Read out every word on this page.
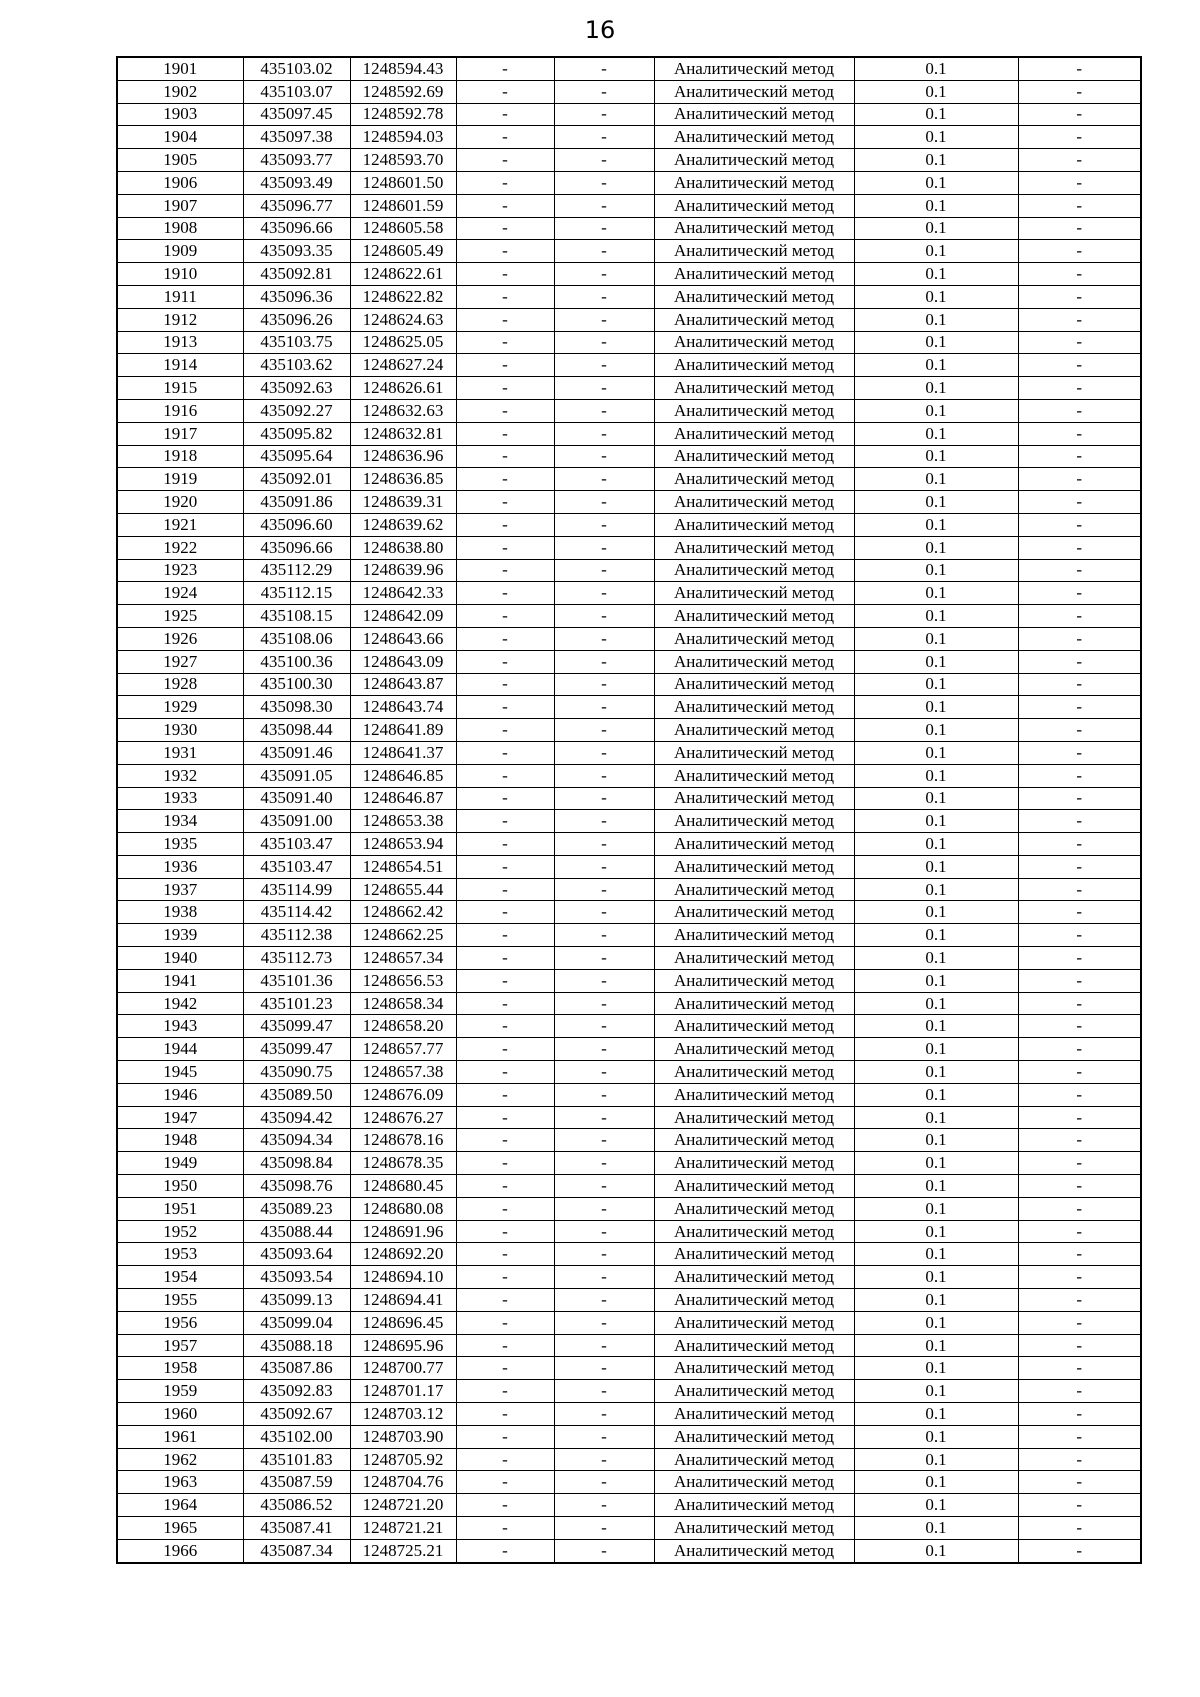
16
1901	435103.02	1248594.43	-	-	Аналитический метод	0.1	-
1902	435103.07	1248592.69	-	-	Аналитический метод	0.1	-
1903	435097.45	1248592.78	-	-	Аналитический метод	0.1	-
1904	435097.38	1248594.03	-	-	Аналитический метод	0.1	-
1905	435093.77	1248593.70	-	-	Аналитический метод	0.1	-
1906	435093.49	1248601.50	-	-	Аналитический метод	0.1	-
1907	435096.77	1248601.59	-	-	Аналитический метод	0.1	-
1908	435096.66	1248605.58	-	-	Аналитический метод	0.1	-
1909	435093.35	1248605.49	-	-	Аналитический метод	0.1	-
1910	435092.81	1248622.61	-	-	Аналитический метод	0.1	-
1911	435096.36	1248622.82	-	-	Аналитический метод	0.1	-
1912	435096.26	1248624.63	-	-	Аналитический метод	0.1	-
1913	435103.75	1248625.05	-	-	Аналитический метод	0.1	-
1914	435103.62	1248627.24	-	-	Аналитический метод	0.1	-
1915	435092.63	1248626.61	-	-	Аналитический метод	0.1	-
1916	435092.27	1248632.63	-	-	Аналитический метод	0.1	-
1917	435095.82	1248632.81	-	-	Аналитический метод	0.1	-
1918	435095.64	1248636.96	-	-	Аналитический метод	0.1	-
1919	435092.01	1248636.85	-	-	Аналитический метод	0.1	-
1920	435091.86	1248639.31	-	-	Аналитический метод	0.1	-
1921	435096.60	1248639.62	-	-	Аналитический метод	0.1	-
1922	435096.66	1248638.80	-	-	Аналитический метод	0.1	-
1923	435112.29	1248639.96	-	-	Аналитический метод	0.1	-
1924	435112.15	1248642.33	-	-	Аналитический метод	0.1	-
1925	435108.15	1248642.09	-	-	Аналитический метод	0.1	-
1926	435108.06	1248643.66	-	-	Аналитический метод	0.1	-
1927	435100.36	1248643.09	-	-	Аналитический метод	0.1	-
1928	435100.30	1248643.87	-	-	Аналитический метод	0.1	-
1929	435098.30	1248643.74	-	-	Аналитический метод	0.1	-
1930	435098.44	1248641.89	-	-	Аналитический метод	0.1	-
1931	435091.46	1248641.37	-	-	Аналитический метод	0.1	-
1932	435091.05	1248646.85	-	-	Аналитический метод	0.1	-
1933	435091.40	1248646.87	-	-	Аналитический метод	0.1	-
1934	435091.00	1248653.38	-	-	Аналитический метод	0.1	-
1935	435103.47	1248653.94	-	-	Аналитический метод	0.1	-
1936	435103.47	1248654.51	-	-	Аналитический метод	0.1	-
1937	435114.99	1248655.44	-	-	Аналитический метод	0.1	-
1938	435114.42	1248662.42	-	-	Аналитический метод	0.1	-
1939	435112.38	1248662.25	-	-	Аналитический метод	0.1	-
1940	435112.73	1248657.34	-	-	Аналитический метод	0.1	-
1941	435101.36	1248656.53	-	-	Аналитический метод	0.1	-
1942	435101.23	1248658.34	-	-	Аналитический метод	0.1	-
1943	435099.47	1248658.20	-	-	Аналитический метод	0.1	-
1944	435099.47	1248657.77	-	-	Аналитический метод	0.1	-
1945	435090.75	1248657.38	-	-	Аналитический метод	0.1	-
1946	435089.50	1248676.09	-	-	Аналитический метод	0.1	-
1947	435094.42	1248676.27	-	-	Аналитический метод	0.1	-
1948	435094.34	1248678.16	-	-	Аналитический метод	0.1	-
1949	435098.84	1248678.35	-	-	Аналитический метод	0.1	-
1950	435098.76	1248680.45	-	-	Аналитический метод	0.1	-
1951	435089.23	1248680.08	-	-	Аналитический метод	0.1	-
1952	435088.44	1248691.96	-	-	Аналитический метод	0.1	-
1953	435093.64	1248692.20	-	-	Аналитический метод	0.1	-
1954	435093.54	1248694.10	-	-	Аналитический метод	0.1	-
1955	435099.13	1248694.41	-	-	Аналитический метод	0.1	-
1956	435099.04	1248696.45	-	-	Аналитический метод	0.1	-
1957	435088.18	1248695.96	-	-	Аналитический метод	0.1	-
1958	435087.86	1248700.77	-	-	Аналитический метод	0.1	-
1959	435092.83	1248701.17	-	-	Аналитический метод	0.1	-
1960	435092.67	1248703.12	-	-	Аналитический метод	0.1	-
1961	435102.00	1248703.90	-	-	Аналитический метод	0.1	-
1962	435101.83	1248705.92	-	-	Аналитический метод	0.1	-
1963	435087.59	1248704.76	-	-	Аналитический метод	0.1	-
1964	435086.52	1248721.20	-	-	Аналитический метод	0.1	-
1965	435087.41	1248721.21	-	-	Аналитический метод	0.1	-
1966	435087.34	1248725.21	-	-	Аналитический метод	0.1	-
